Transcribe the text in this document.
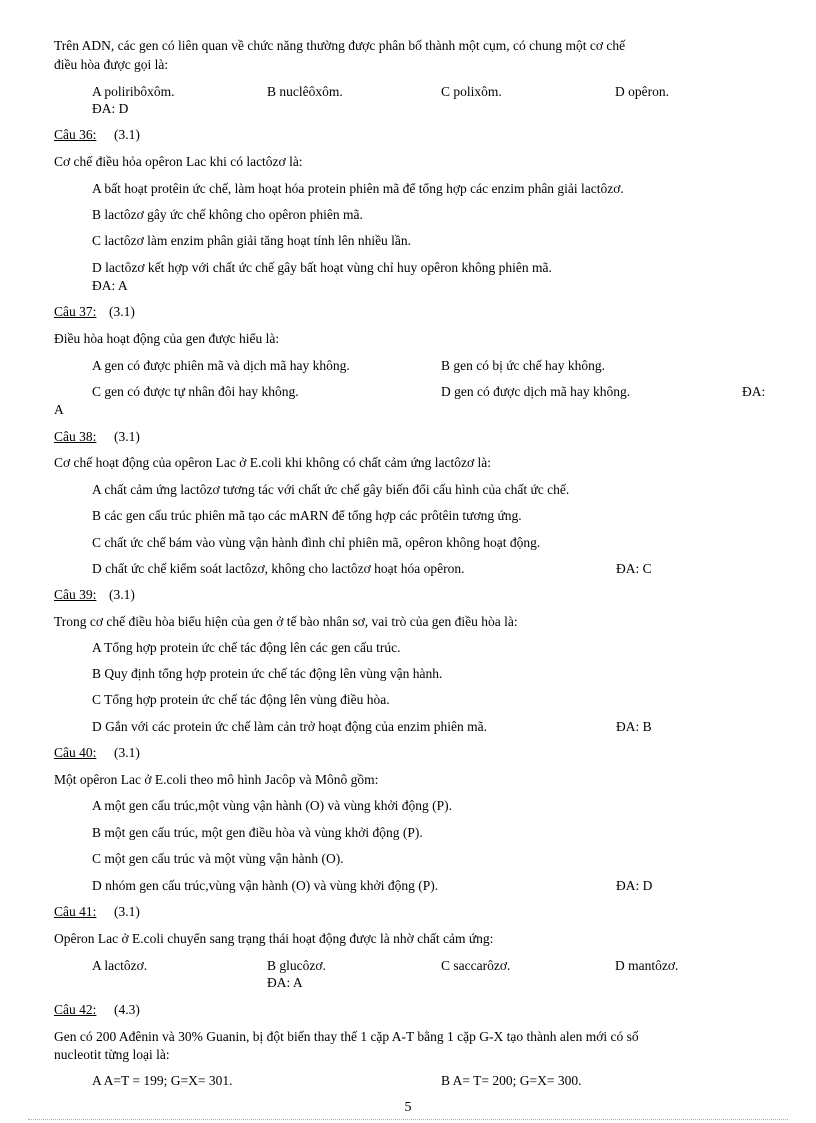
Trên ADN, các gen có liên quan về chức năng thường được phân bố thành một cụm, có chung một cơ chế
điều hòa được gọi là:
A poliribôxôm.	B nuclêôxôm.	C polixôm.	D opêron.
ĐA: D
Câu 36: (3.1)
Cơ chế điều hỏa opêron Lac khi có lactôzơ là:
A bất hoạt protêin ức chế, làm hoạt hóa protein phiên mã để tổng hợp các enzim phân giải lactôzơ.
B lactôzơ gây ức chế không cho opêron phiên mã.
C lactôzơ làm enzim phân giải tăng hoạt tính lên nhiều lần.
D lactôzơ kết hợp với chất ức chế gây bất hoạt vùng chỉ huy opêron không phiên mã.
ĐA: A
Câu 37: (3.1)
Điều hòa hoạt động của gen được hiểu là:
A gen có được phiên mã và dịch mã hay không.	B gen có bị ức chế hay không.
C gen có được tự nhân đôi hay không.	D gen có được dịch mã hay không.	ĐA:
A
Câu 38: (3.1)
Cơ chế hoạt động của opêron Lac ở E.coli khi không có chất cảm ứng lactôzơ là:
A chất cảm ứng lactôzơ tương tác với chất ức chế gây biến đổi cấu hình của chất ức chế.
B các gen cấu trúc phiên mã tạo các mARN để tổng hợp các prôtêin tương ứng.
C chất ức chế bám vào vùng vận hành đình chỉ phiên mã, opêron không hoạt động.
D chất ức chế kiểm soát lactôzơ, không cho lactôzơ hoạt hóa opêron.	ĐA: C
Câu 39: (3.1)
Trong cơ chế điều hòa biểu hiện của gen ở tế bào nhân sơ, vai trò của gen điều hòa là:
A Tổng hợp protein ức chế tác động lên các gen cấu trúc.
B Quy định tổng hợp protein ức chế tác động lên vùng vận hành.
C Tổng hợp protein ức chế tác động lên vùng điều hòa.
D Gắn với các protein ức chế làm cản trở hoạt động của enzim phiên mã.	ĐA: B
Câu 40: (3.1)
Một opêron Lac ở E.coli theo mô hình Jacôp và Mônô gồm:
A một gen cấu trúc,một vùng vận hành (O) và vùng khởi động (P).
B một gen cấu trúc, một gen điều hòa và vùng khởi động (P).
C một gen cấu trúc và một vùng vận hành (O).
D nhóm gen cấu trúc,vùng vận hành (O) và vùng khởi động (P).	ĐA: D
Câu 41: (3.1)
Opêron Lac ở E.coli chuyển sang trạng thái hoạt động được là nhờ chất cảm ứng:
A lactôzơ.	B glucôzơ.	C saccarôzơ.	D mantôzơ.
ĐA: A
Câu 42: (4.3)
Gen có 200 Ađênin và 30% Guanin, bị đột biến thay thế 1 cặp A-T bằng 1 cặp G-X tạo thành alen mới có số
nucleotit từng loại là:
A A=T = 199; G=X= 301.	B A= T= 200; G=X= 300.
5
